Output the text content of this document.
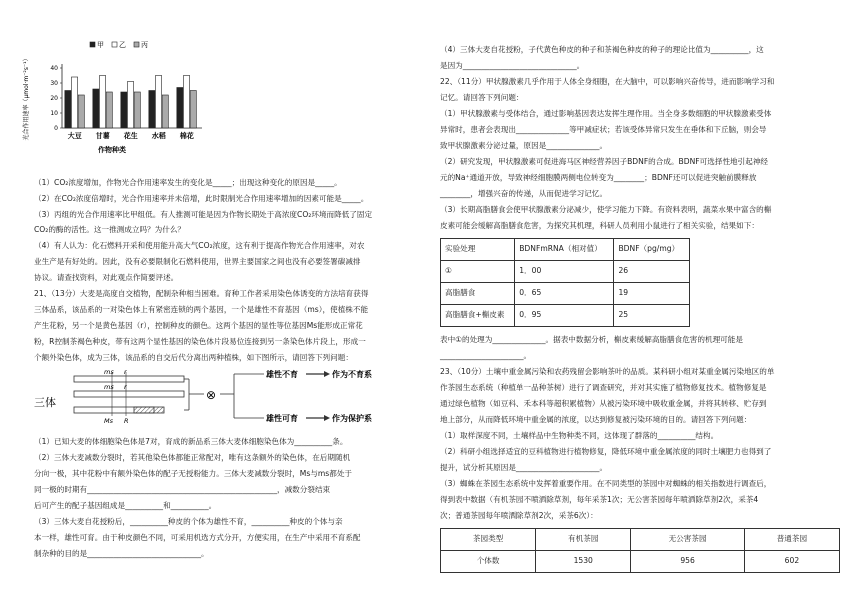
光合作用速率（μmol·m⁻²s⁻¹）	0
10
20
30
40
甲 乙 丙
大豆 甘薯 花生 水稻 棉花
作物种类
（1）CO₂浓度增加，作物光合作用速率发生的变化是_____；出现这种变化的原因是_____。
（2）在CO₂浓度倍增时，光合作用速率并未倍增，此时限制光合作用速率增加的因素可能是_____。
（3）丙组的光合作用速率比甲组低。有人推测可能是因为作物长期处于高浓度CO₂环境而降低了固定
CO₂的酶的活性。这一推测成立吗？为什么？
（4）有人认为：化石燃料开采和使用能升高大气CO₂浓度，这有利于提高作物光合作用速率，对农
业生产是有好处的。因此，没有必要限制化石燃料使用，世界主要国家之间也没有必要签署碳减排
协议。请查找资料，对此观点作简要评述。
21、（13分）大麦是高度自交植物，配制杂种相当困难。育种工作者采用染色体诱变的方法培育获得
三体品系，该品系的一对染色体上有紧密连锁的两个基因，一个是雄性不育基因（ms），使植株不能
产生花粉，另一个是黄色基因（r），控制种皮的颜色。这两个基因的显性等位基因Ms能形成正常花
粉，R控制茶褐色种皮，带有这两个显性基因的染色体片段易位连接到另一条染色体片段上，形成一
个额外染色体，成为三体，该品系的自交后代分离出两种植株，如下图所示，请回答下列问题：
三体
ms r
ms r
Ms R
⊗
雄性不育	作为不育系
雄性可育	作为保护系
（1）已知大麦的体细胞染色体是7对，育成的新品系三体大麦体细胞染色体为__________条。
（2）三体大麦减数分裂时，若其他染色体都能正常配对，唯有这条额外的染色体，在后期随机
分向一极，其中花粉中有额外染色体的配子无授粉能力。三体大麦减数分裂时，Ms与ms都处于
同一极的时期有__________________________________________________，减数分裂结束
后可产生的配子基因组成是__________和__________。
（3）三体大麦自花授粉后，__________种皮的个体为雄性不育，__________种皮的个体与亲
本一样，雄性可育。由于种皮颜色不同，可采用机选方式分开，方便实用，在生产中采用不育系配
制杂种的目的是______________________________。
（4）三体大麦自花授粉，子代黄色种皮的种子和茶褐色种皮的种子的理论比值为__________，这
是因为______________________________。
22、（11分）甲状腺激素几乎作用于人体全身细胞，在大脑中，可以影响兴奋传导，进而影响学习和
记忆。请回答下列问题：
（1）甲状腺激素与受体结合，通过影响基因表达发挥生理作用。当全身多数细胞的甲状腺激素受体
异常时，患者会表现出______________等甲减症状；若该受体异常只发生在垂体和下丘脑，则会导
致甲状腺激素分泌过量，原因是______________。
（2）研究发现，甲状腺激素可促进海马区神经营养因子BDNF的合成。BDNF可选择性地引起神经
元的Na⁺通道开放，导致神经细胞膜两侧电位转变为________；BDNF还可以促进突触前膜释放
________，增强兴奋的传递，从而促进学习记忆。
（3）长期高脂膳食会使甲状腺激素分泌减少，使学习能力下降。有资料表明，蔬菜水果中富含的槲
皮素可能会缓解高脂膳食危害，为探究其机理，科研人员利用小鼠进行了相关实验，结果如下：
实验处理	BDNFmRNA（相对值）	BDNF（pg/mg）
①	1．00	26
高脂膳食	0．65	19
高脂膳食+槲皮素	0．95	25
表中①的处理为______________。据表中数据分析，槲皮素缓解高脂膳食危害的机理可能是
______________________。
23、（10分）土壤中重金属污染和农药残留会影响茶叶的品质。某科研小组对某重金属污染地区的单
作茶园生态系统（种植单一品种茶树）进行了调查研究，并对其实施了植物修复技术。植物修复是
通过绿色植物（如豆科、禾本科等超积累植物）从被污染环境中吸收重金属，并将其转移、贮存到
地上部分，从而降低环境中重金属的浓度，以达到修复被污染环境的目的。请回答下列问题：
（1）取样深度不同，土壤样品中生物种类不同，这体现了群落的__________结构。
（2）科研小组选择适宜的豆科植物进行植物修复，降低环境中重金属浓度的同时土壤肥力也得到了
提升，试分析其原因是______________________。
（3）蜘蛛在茶园生态系统中发挥着重要作用。在不同类型的茶园中对蜘蛛的相关指数进行调查后，
得到表中数据（有机茶园不喷洒除草剂，每年采茶1次；无公害茶园每年喷洒除草剂2次，采茶4
次；普通茶园每年喷洒除草剂2次，采茶6次）：
茶园类型	有机茶园	无公害茶园	普通茶园
个体数	1530	956	602
